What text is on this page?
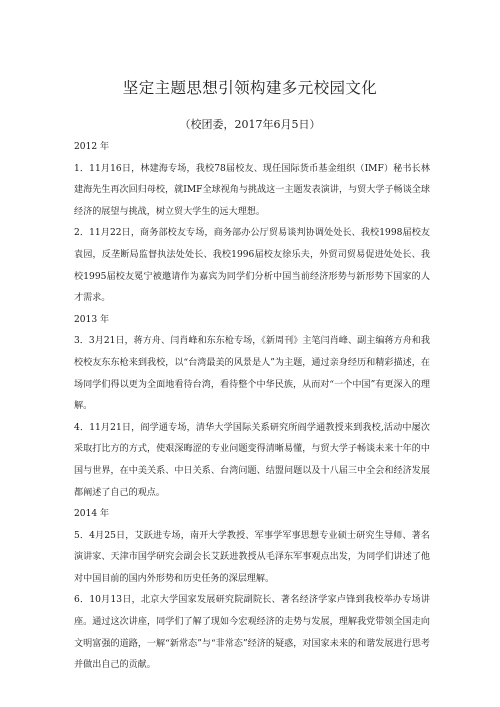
坚定主题思想引领构建多元校园文化
（校团委，2017年6月5日）

2012 年

1．11月16日，林建海专场，我校78届校友、现任国际货币基金组织（IMF）秘书长林建海先生再次回归母校，就IMF全球视角与挑战这一主题发表演讲，与贸大学子畅谈全球经济的展望与挑战，树立贸大学生的远大理想。

2．11月22日，商务部校友专场，商务部办公厅贸易谈判协调处处长、我校1998届校友袁园，反垄断局监督执法处处长、我校1996届校友徐乐夫，外贸司贸易促进处处长、我校1995届校友冕宁被邀请作为嘉宾为同学们分析中国当前经济形势与新形势下国家的人才需求。

2013 年

3．3月21日，蒋方舟、闫肖峰和东东枪专场，《新周刊》主笔闫肖峰、副主编蒋方舟和我校校友东东枪来到我校，以“台湾最美的风景是人”为主题，通过亲身经历和精彩描述，在场同学们得以更为全面地看待台湾，看待整个中华民族，从而对“一个中国”有更深入的理解。

4．11月21日，阎学通专场，清华大学国际关系研究所阎学通教授来到我校,活动中屡次采取打比方的方式，使艰深晦涩的专业问题变得清晰易懂，与贸大学子畅谈未来十年的中国与世界，在中美关系、中日关系、台湾问题、结盟问题以及十八届三中全会和经济发展都阐述了自己的观点。

2014 年

5．4月25日，艾跃进专场，南开大学教授、军事学军事思想专业硕士研究生导师、著名演讲家、天津市国学研究会副会长艾跃进教授从毛泽东军事观点出发，为同学们讲述了他对中国目前的国内外形势和历史任务的深层理解。

6．10月13日，北京大学国家发展研究院副院长、著名经济学家卢锋到我校举办专场讲座。通过这次讲座，同学们了解了现如今宏观经济的走势与发展，理解我党带领全国走向文明富强的道路，一解“新常态”与“非常态”经济的疑惑，对国家未来的和谐发展进行思考并做出自己的贡献。
